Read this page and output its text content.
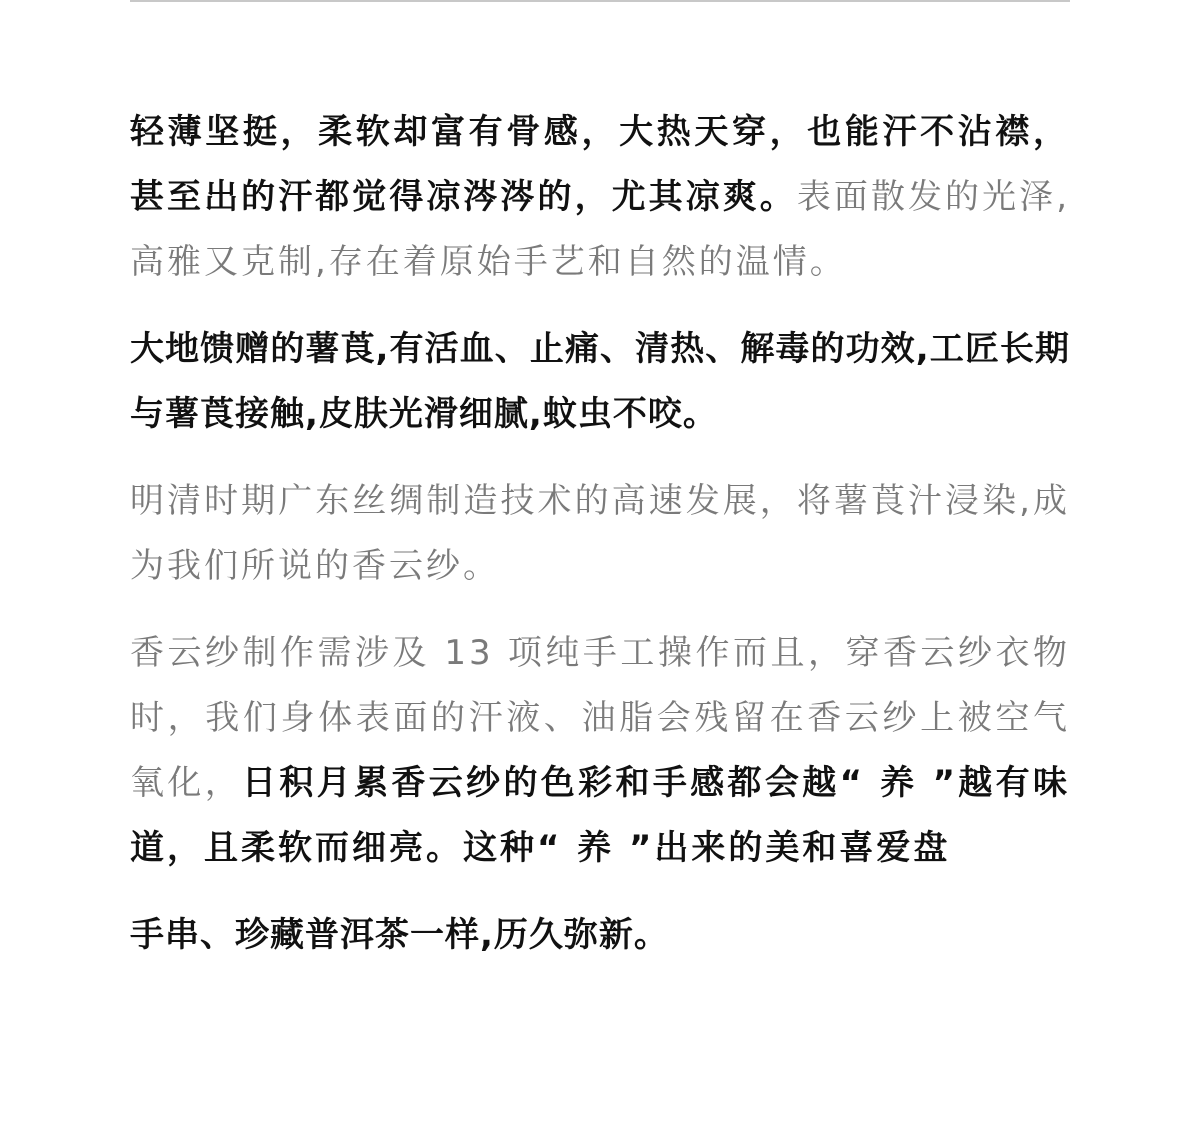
轻薄坚挺，柔软却富有骨感，大热天穿，也能汗不沾襟，甚至出的汗都觉得凉涔涔的，尤其凉爽。表面散发的光泽,高雅又克制,存在着原始手艺和自然的温情。

大地馈赠的薯莨,有活血、止痛、清热、解毒的功效,工匠长期与薯莨接触,皮肤光滑细腻,蚊虫不咬。

明清时期广东丝绸制造技术的高速发展，将薯莨汁浸染,成为我们所说的香云纱。

香云纱制作需涉及 13 项纯手工操作而且，穿香云纱衣物时，我们身体表面的汗液、油脂会残留在香云纱上被空气氧化，日积月累香云纱的色彩和手感都会越“ 养 ”越有味道，且柔软而细亮。这种“ 养 ”出来的美和喜爱盘

手串、珍藏普洱茶一样,历久弥新。
